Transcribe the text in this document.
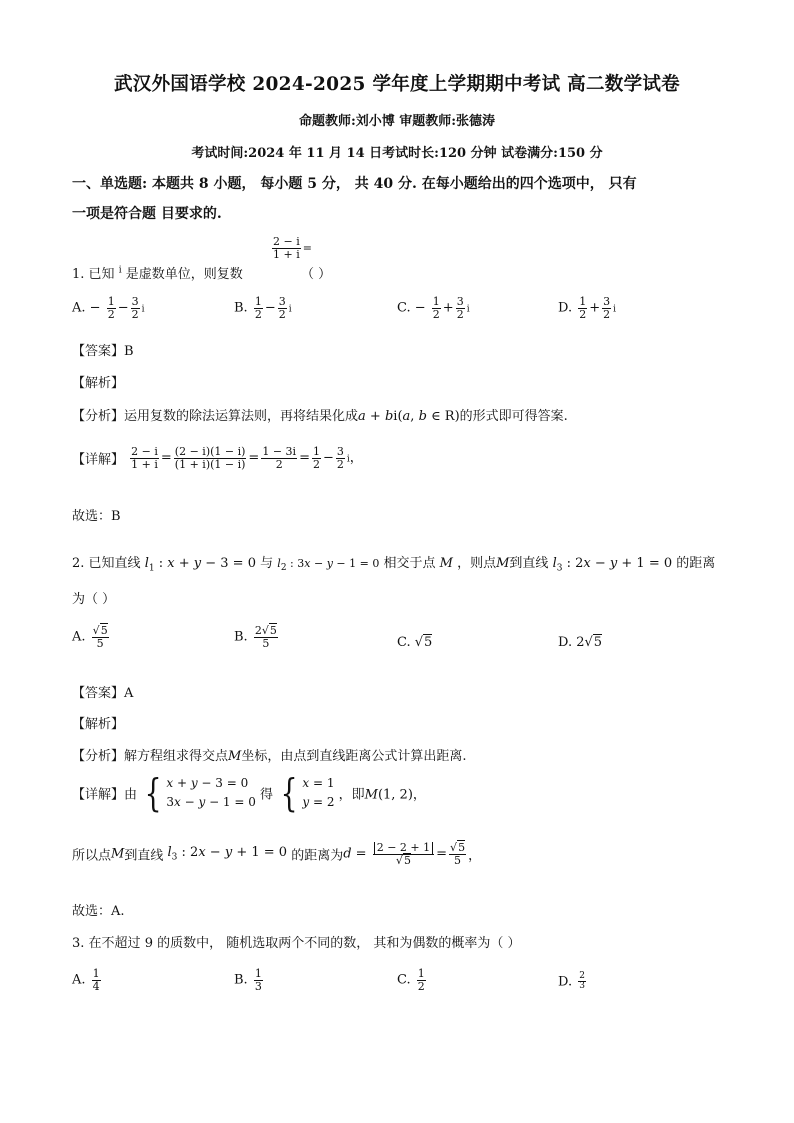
武汉外国语学校 2024-2025 学年度上学期期中考试 高二数学试卷
命题教师:刘小博 审题教师:张德涛
考试时间:2024 年 11 月 14 日考试时长:120 分钟 试卷满分:150 分
一、单选题: 本题共 8 小题， 每小题 5 分， 共 40 分. 在每小题给出的四个选项中， 只有
一项是符合题 目要求的.
$\frac{2 - i}{1 + i}$ =
1. 已知 $^i$ 是虚数单位，则复数	（ ）
A. − $\frac{1}{2} - \frac{3}{2}$ i	B. $\frac{1}{2} - \frac{3}{2}$ i	C. − $\frac{1}{2} + \frac{3}{2}$ i	D. $\frac{1}{2} + \frac{3}{2}$ i
【答案】B
【解析】
【分析】运用复数的除法运算法则，再将结果化成a + bi(a, b ∈ R)的形式即可得答案.
【详解】 $\frac{2 - i}{1 + i} = \frac{(2 - i)(1 - i)}{(1 + i)(1 - i)} = \frac{1 - 3i}{2} = \frac{1}{2} - \frac{3}{2}$ i，
故选：B
2. 已知直线 $l_1$ : x + y − 3 = 0 与 $l_2$ : 3x − y − 1 = 0 相交于点 M ，则点M到直线 $l_3$ : 2x − y + 1 = 0 的距离
为（ ）
A. $\frac{√5}{5}$	B. $\frac{2√5}{5}$	C. √5	D. 2√5
【答案】A
【解析】
【分析】解方程组求得交点M坐标，由点到直线距离公式计算出距离.
【详解】由 { x + y − 3 = 0
3x − y − 1 = 0 得 { x = 1
y = 2 ，即M(1, 2)，
所以点M到直线 $l_3$ : 2x − y + 1 = 0 的距离为$d = \frac{2 - 2 + 1}{√5} = \frac{√5}{5}$ ，
故选：A.
3. 在不超过 9 的质数中， 随机选取两个不同的数， 其和为偶数的概率为（ ）
A. $\frac{1}{4}$	B. $\frac{1}{3}$	C. $\frac{1}{2}$	D. $\frac{2}{3}$
